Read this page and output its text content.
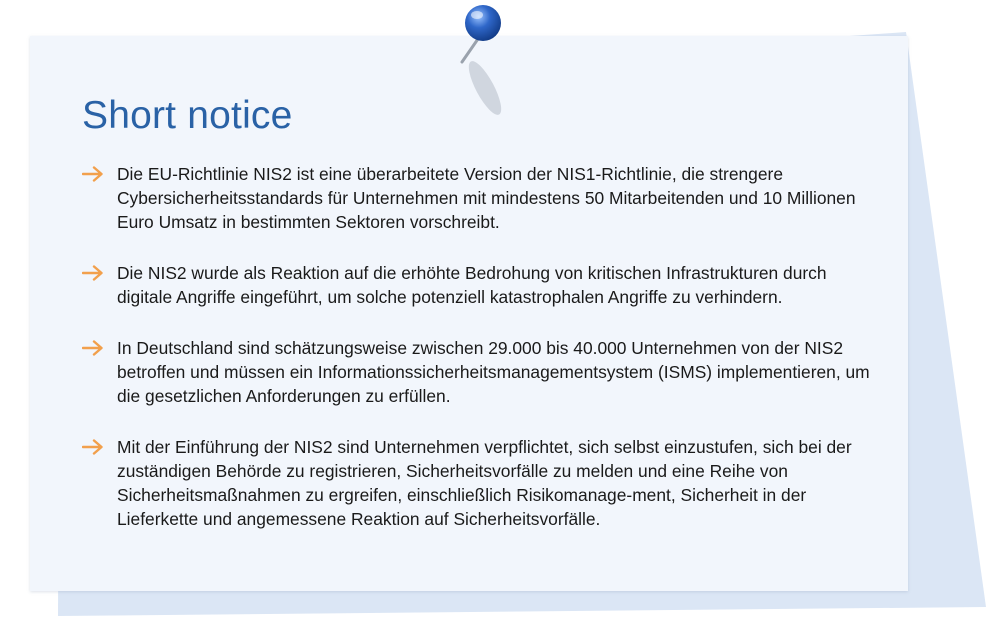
Short notice
Die EU-Richtlinie NIS2 ist eine überarbeitete Version der NIS1-Richtlinie, die strengere Cybersicherheitsstandards für Unternehmen mit mindestens 50 Mitarbeitenden und 10 Millionen Euro Umsatz in bestimmten Sektoren vorschreibt.
Die NIS2 wurde als Reaktion auf die erhöhte Bedrohung von kritischen Infrastrukturen durch digitale Angriffe eingeführt, um solche potenziell katastrophalen Angriffe zu verhindern.
In Deutschland sind schätzungsweise zwischen 29.000 bis 40.000 Unternehmen von der NIS2 betroffen und müssen ein Informationssicherheitsmanagementsystem (ISMS) implementieren, um die gesetzlichen Anforderungen zu erfüllen.
Mit der Einführung der NIS2 sind Unternehmen verpflichtet, sich selbst einzustufen, sich bei der zuständigen Behörde zu registrieren, Sicherheitsvorfälle zu melden und eine Reihe von Sicherheitsmaßnahmen zu ergreifen, einschließlich Risikomanage-ment, Sicherheit in der Lieferkette und angemessene Reaktion auf Sicherheitsvorfälle.
